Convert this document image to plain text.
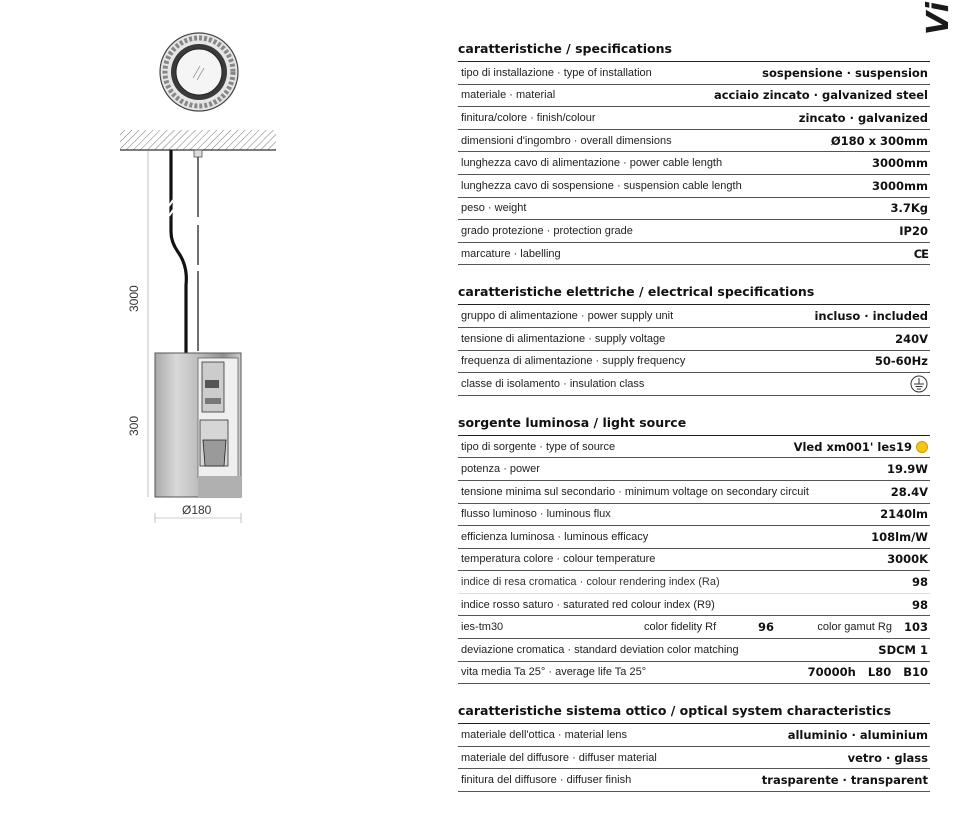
Vi
3000
300
Ø180
caratteristiche / specifications
tipo di installazione · type of installation	sospensione · suspension
materiale · material	acciaio zincato · galvanized steel
finitura/colore · finish/colour	zincato · galvanized
dimensioni d'ingombro · overall dimensions	Ø180 x 300mm
lunghezza cavo di alimentazione · power cable length	3000mm
lunghezza cavo di sospensione · suspension cable length	3000mm
peso · weight	3.7Kg
grado protezione · protection grade	IP20
marcature · labelling	CE
caratteristiche elettriche / electrical specifications
gruppo di alimentazione · power supply unit	incluso · included
tensione di alimentazione · supply voltage	240V
frequenza di alimentazione · supply frequency	50-60Hz
classe di isolamento · insulation class
sorgente luminosa / light source
tipo di sorgente · type of source	Vled xm001' les19
potenza · power	19.9W
tensione minima sul secondario · minimum voltage on secondary circuit	28.4V
flusso luminoso · luminous flux	2140lm
efficienza luminosa · luminous efficacy	108lm/W
temperatura colore · colour temperature	3000K
indice di resa cromatica · colour rendering index (Ra)	98
indice rosso saturo · saturated red colour index (R9)	98
ies-tm30	color fidelity Rf	96	color gamut Rg 103
deviazione cromatica · standard deviation color matching	SDCM 1
vita media Ta 25° · average life Ta 25°	70000h L80 B10
caratteristiche sistema ottico / optical system characteristics
materiale dell'ottica · material lens	alluminio · aluminium
materiale del diffusore · diffuser material	vetro · glass
finitura del diffusore · diffuser finish	trasparente · transparent
